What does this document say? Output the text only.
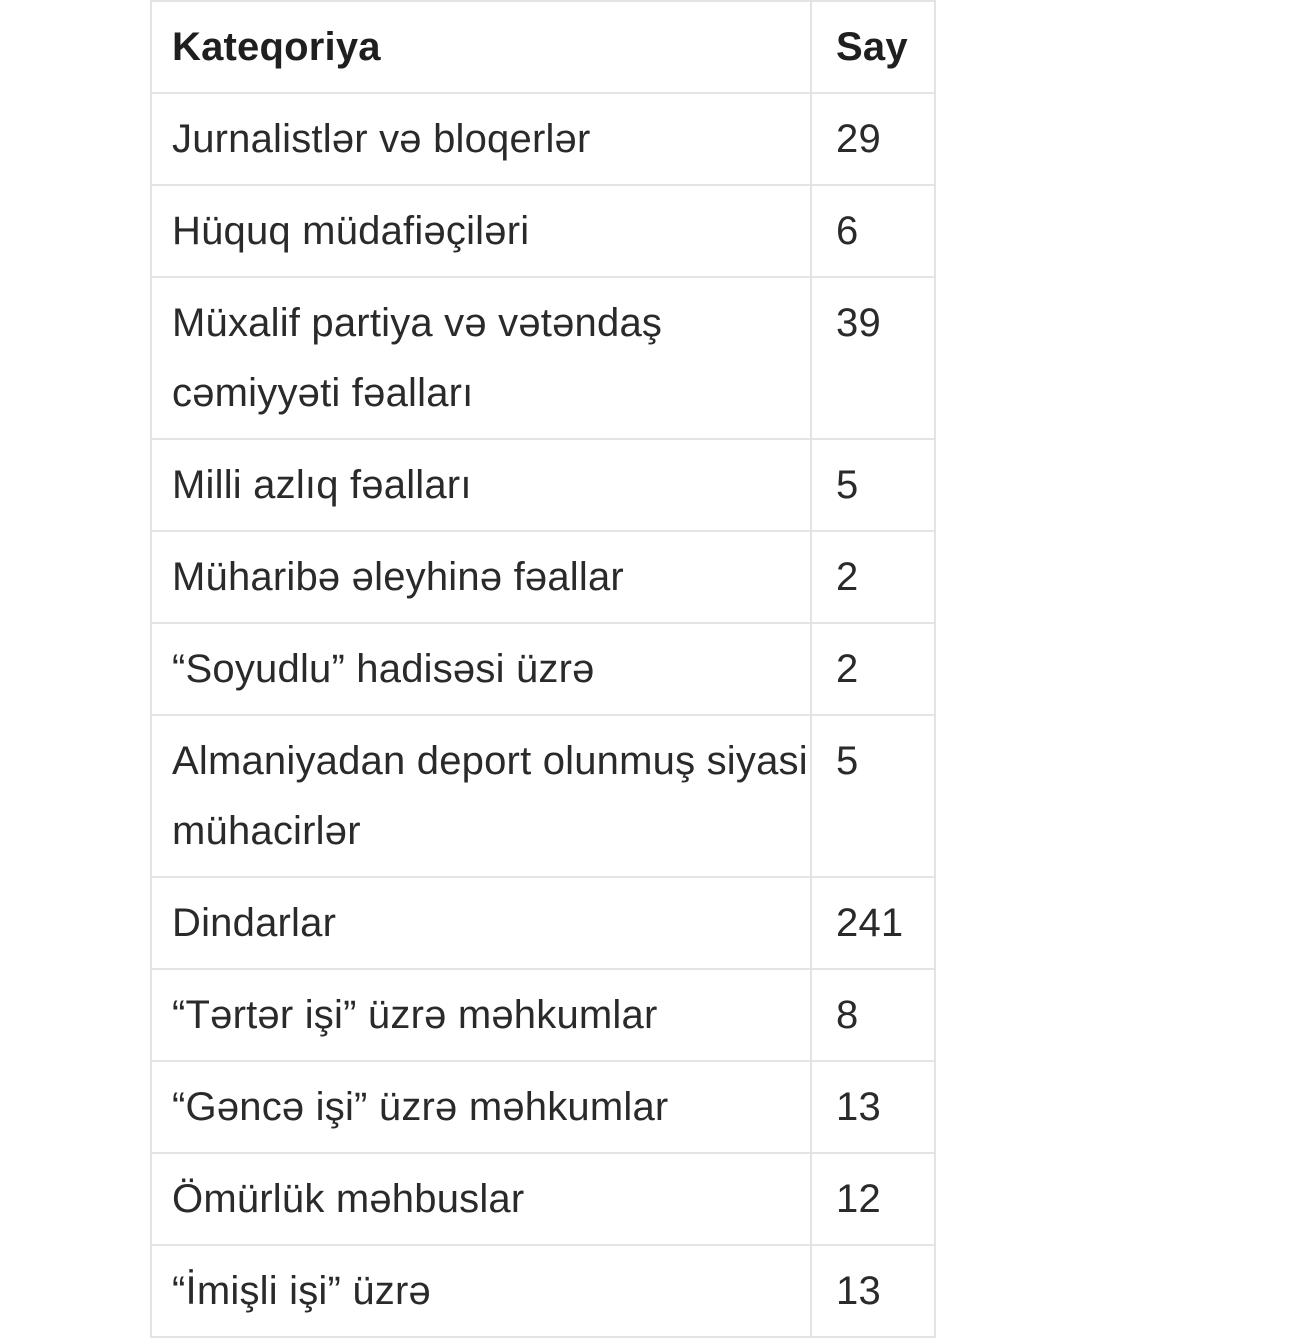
Kateqoriya	Say
Jurnalistlər və bloqerlər	29
Hüquq müdafiəçiləri	6
Müxalif partiya və vətəndaş cəmiyyəti fəalları	39
Milli azlıq fəalları	5
Müharibə əleyhinə fəallar	2
“Soyudlu” hadisəsi üzrə	2
Almaniyadan deport olunmuş siyasi mühacirlər	5
Dindarlar	241
“Tərtər işi” üzrə məhkumlar	8
“Gəncə işi” üzrə məhkumlar	13
Ömürlük məhbuslar	12
“İmişli işi” üzrə	13
